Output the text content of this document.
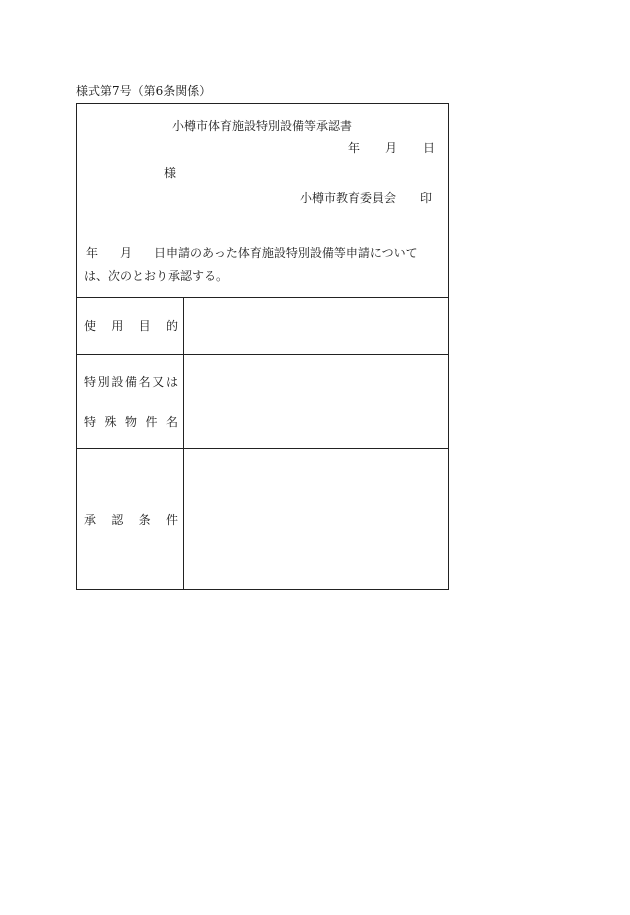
様式第7号（第6条関係）
小樽市体育施設特別設備等承認書
年 月 日
様
小樽市教育委員会 印
年 月 日申請のあった体育施設特別設備等申請について
は、次のとおり承認する。
使 用 目 的
特 別 設 備 名 又 は
特 殊 物 件 名
承 認 条 件
